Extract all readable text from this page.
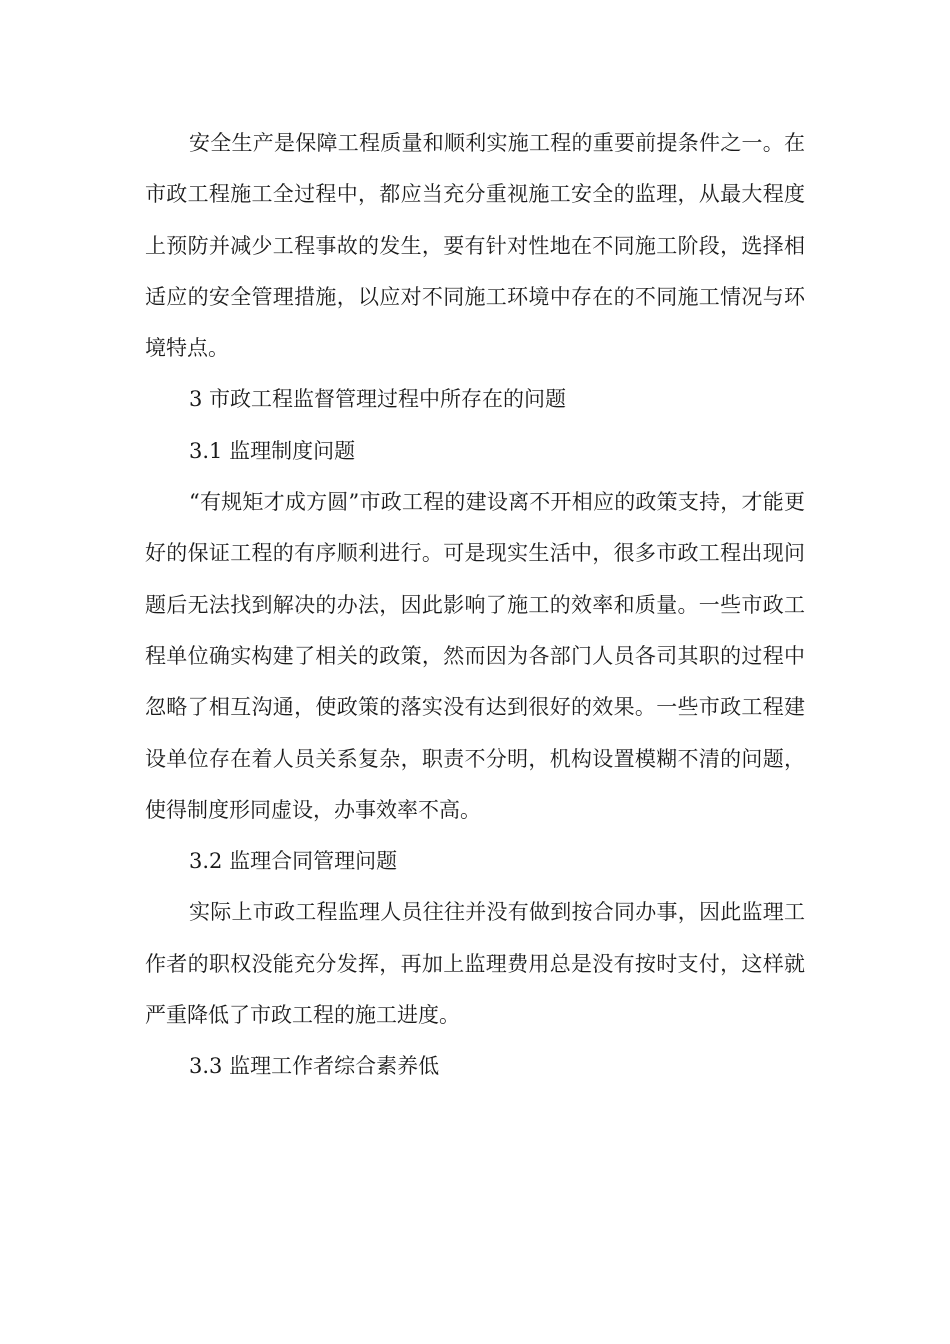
安全生产是保障工程质量和顺利实施工程的重要前提条件之一。在市政工程施工全过程中，都应当充分重视施工安全的监理，从最大程度上预防并减少工程事故的发生，要有针对性地在不同施工阶段，选择相适应的安全管理措施，以应对不同施工环境中存在的不同施工情况与环境特点。

3 市政工程监督管理过程中所存在的问题

3.1 监理制度问题

“有规矩才成方圆”市政工程的建设离不开相应的政策支持，才能更好的保证工程的有序顺利进行。可是现实生活中，很多市政工程出现问题后无法找到解决的办法，因此影响了施工的效率和质量。一些市政工程单位确实构建了相关的政策，然而因为各部门人员各司其职的过程中忽略了相互沟通，使政策的落实没有达到很好的效果。一些市政工程建设单位存在着人员关系复杂，职责不分明，机构设置模糊不清的问题，使得制度形同虚设，办事效率不高。

3.2 监理合同管理问题

实际上市政工程监理人员往往并没有做到按合同办事，因此监理工作者的职权没能充分发挥，再加上监理费用总是没有按时支付，这样就严重降低了市政工程的施工进度。

3.3 监理工作者综合素养低
